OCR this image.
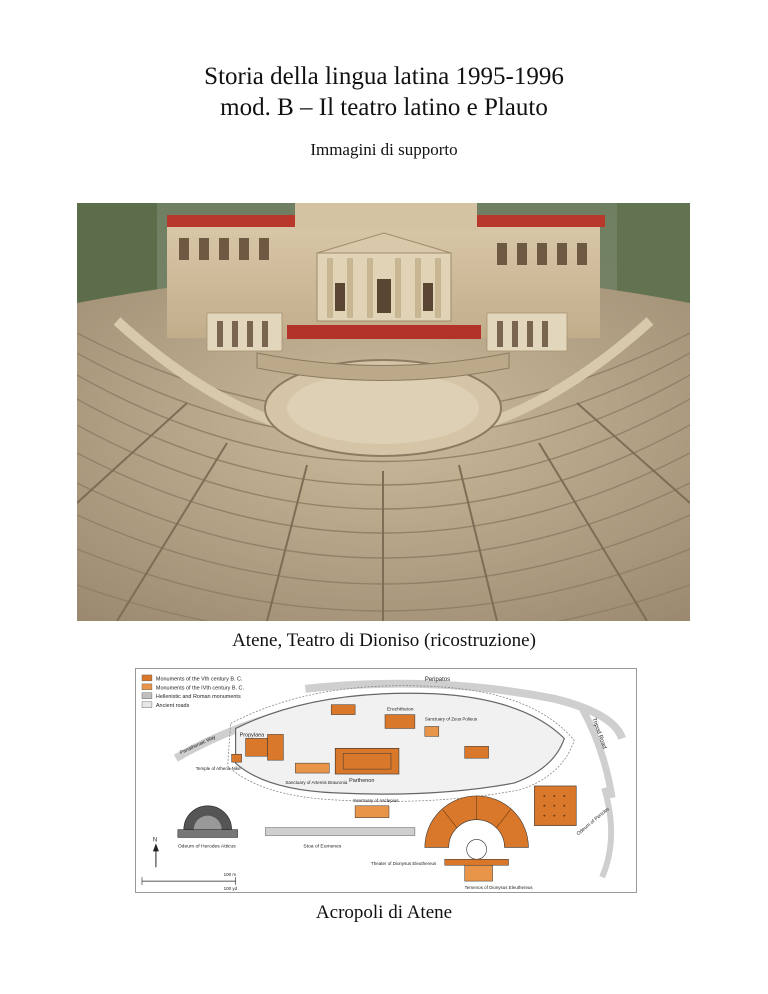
Storia della lingua latina 1995-1996
mod. B – Il teatro latino e Plauto
Immagini di supporto
Atene, Teatro di Dioniso (ricostruzione)
Monuments of the Vth century B. C.
Monuments of the IVth century B. C.
Hellenistic and Roman monuments
Ancient roads
Peripatos
Tripod Road
Panathenaic Way	Propylaea
Temple of Athena Nike
Parthenon
Erechtheion
Sanctuary of Zeus Polieus
Sanctuary of Artemis Brauronia
Sanctuary of Asclepius
Odeum of Herodes Atticus	Stoa of Eumenes
Theater of Dionysus Eleuthereus
Temenos of Dionysus Eleuthereus
Odeum of Pericles
N
100 m
100 yd
Acropoli di Atene
